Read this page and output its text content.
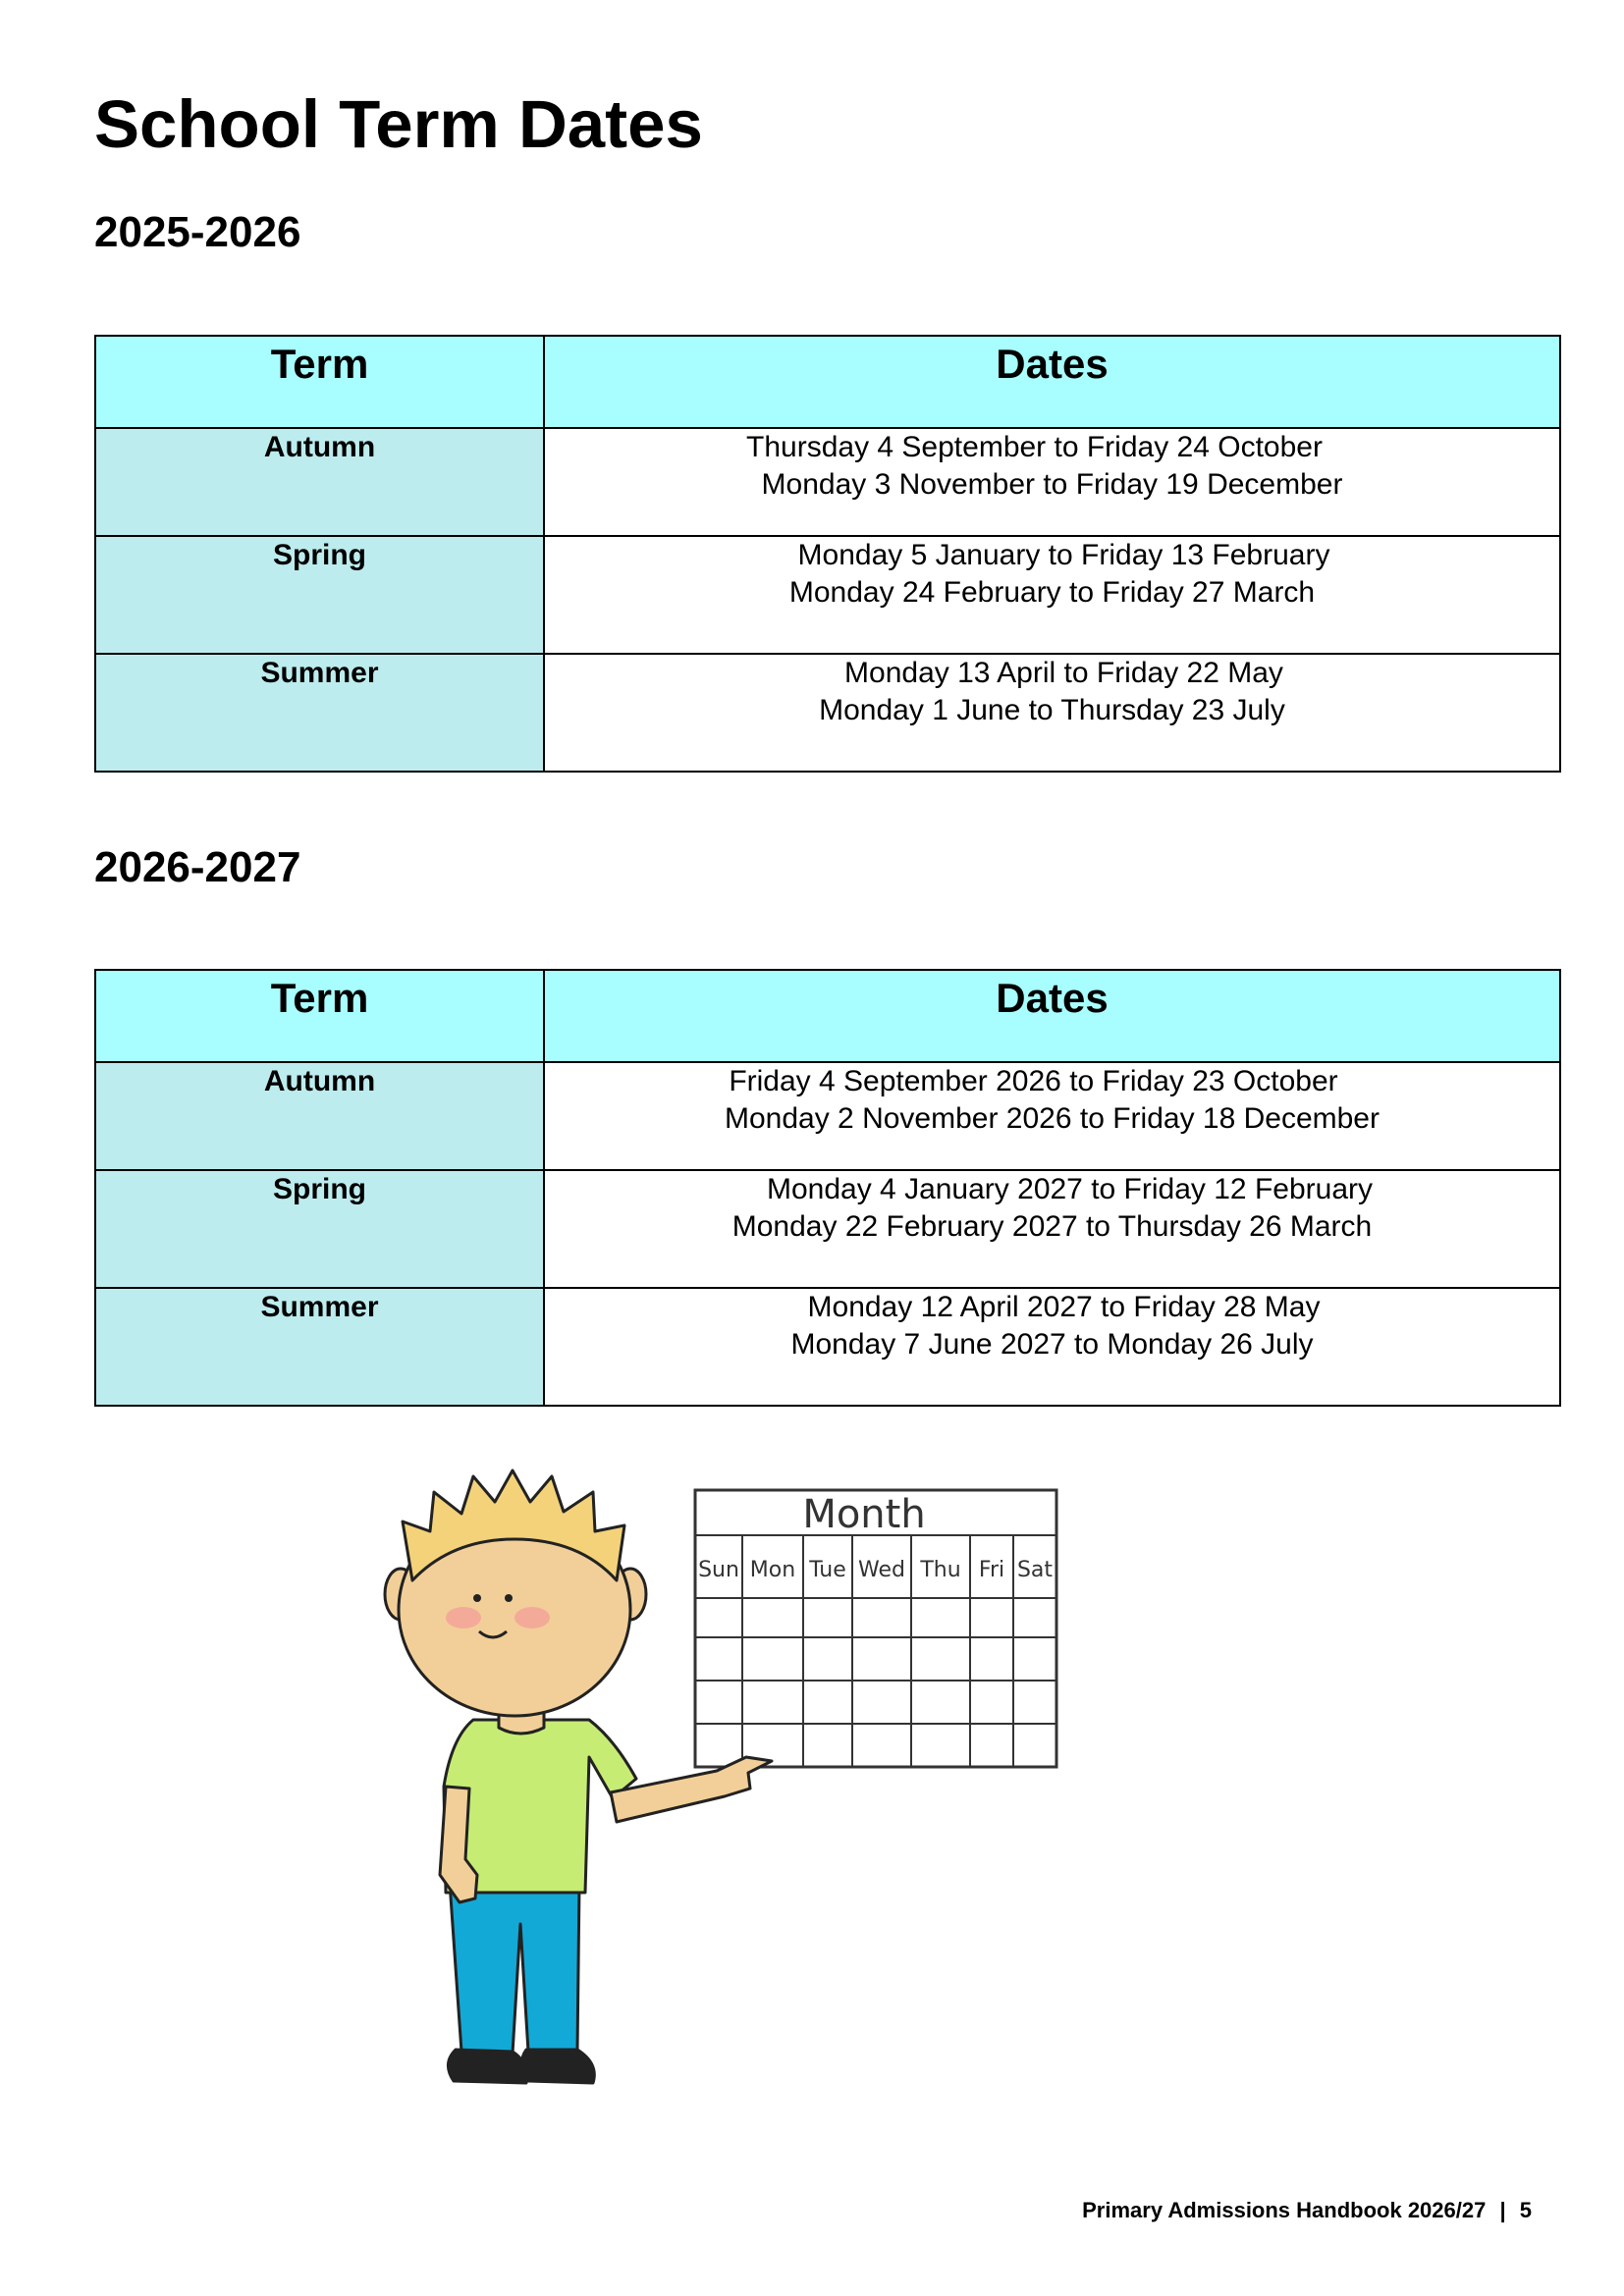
School Term Dates
2025-2026
Term	Dates
Autumn	Thursday 4 September to Friday 24 October
Monday 3 November to Friday 19 December

Spring	Monday 5 January to Friday 13 February
Monday 24 February to Friday 27 March

Summer	Monday 13 April to Friday 22 May
Monday 1 June to Thursday 23 July
2026-2027
Term	Dates
Autumn	Friday 4 September 2026 to Friday 23 October
Monday 2 November 2026 to Friday 18 December

Spring	Monday 4 January 2027 to Friday 12 February
Monday 22 February 2027 to Thursday 26 March

Summer	Monday 12 April 2027 to Friday 28 May
Monday 7 June 2027 to Monday 26 July
Month
Sun Mon Tue Wed Thu Fri Sat
Primary Admissions Handbook 2026/27 | 5
